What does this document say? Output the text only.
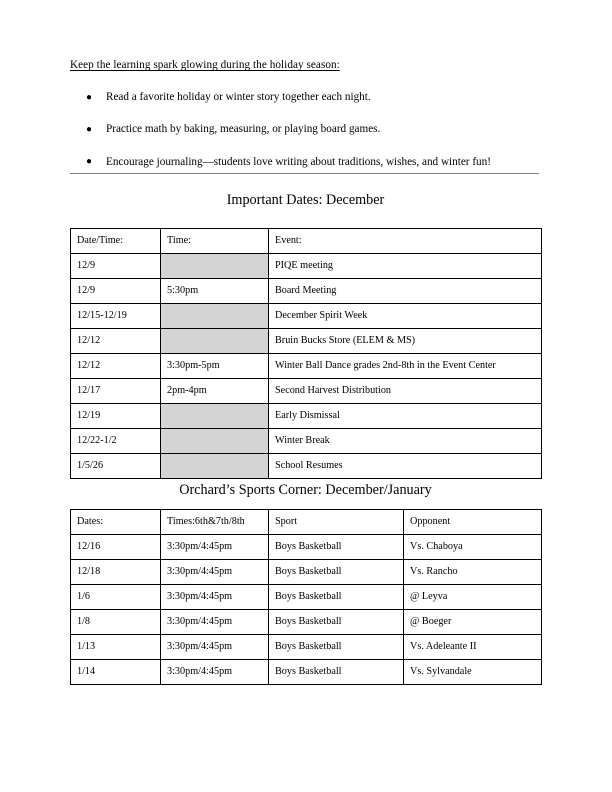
Keep the learning spark glowing during the holiday season:

● Read a favorite holiday or winter story together each night.
● Practice math by baking, measuring, or playing board games.
● Encourage journaling—students love writing about traditions, wishes, and winter fun!
Important Dates: December
Date/Time:	Time:	Event:
12/9		PIQE meeting
12/9	5:30pm	Board Meeting
12/15-12/19		December Spirit Week
12/12		Bruin Bucks Store (ELEM & MS)
12/12	3:30pm-5pm	Winter Ball Dance grades 2nd-8th in the Event Center
12/17	2pm-4pm	Second Harvest Distribution
12/19		Early Dismissal
12/22-1/2		Winter Break
1/5/26		School Resumes
Orchard’s Sports Corner: December/January
Dates:	Times:6th&7th/8th	Sport	Opponent
12/16	3:30pm/4:45pm	Boys Basketball	Vs. Chaboya
12/18	3:30pm/4:45pm	Boys Basketball	Vs. Rancho
1/6	3:30pm/4:45pm	Boys Basketball	@ Leyva
1/8	3:30pm/4:45pm	Boys Basketball	@ Boeger
1/13	3:30pm/4:45pm	Boys Basketball	Vs. Adeleante II
1/14	3:30pm/4:45pm	Boys Basketball	Vs. Sylvandale
